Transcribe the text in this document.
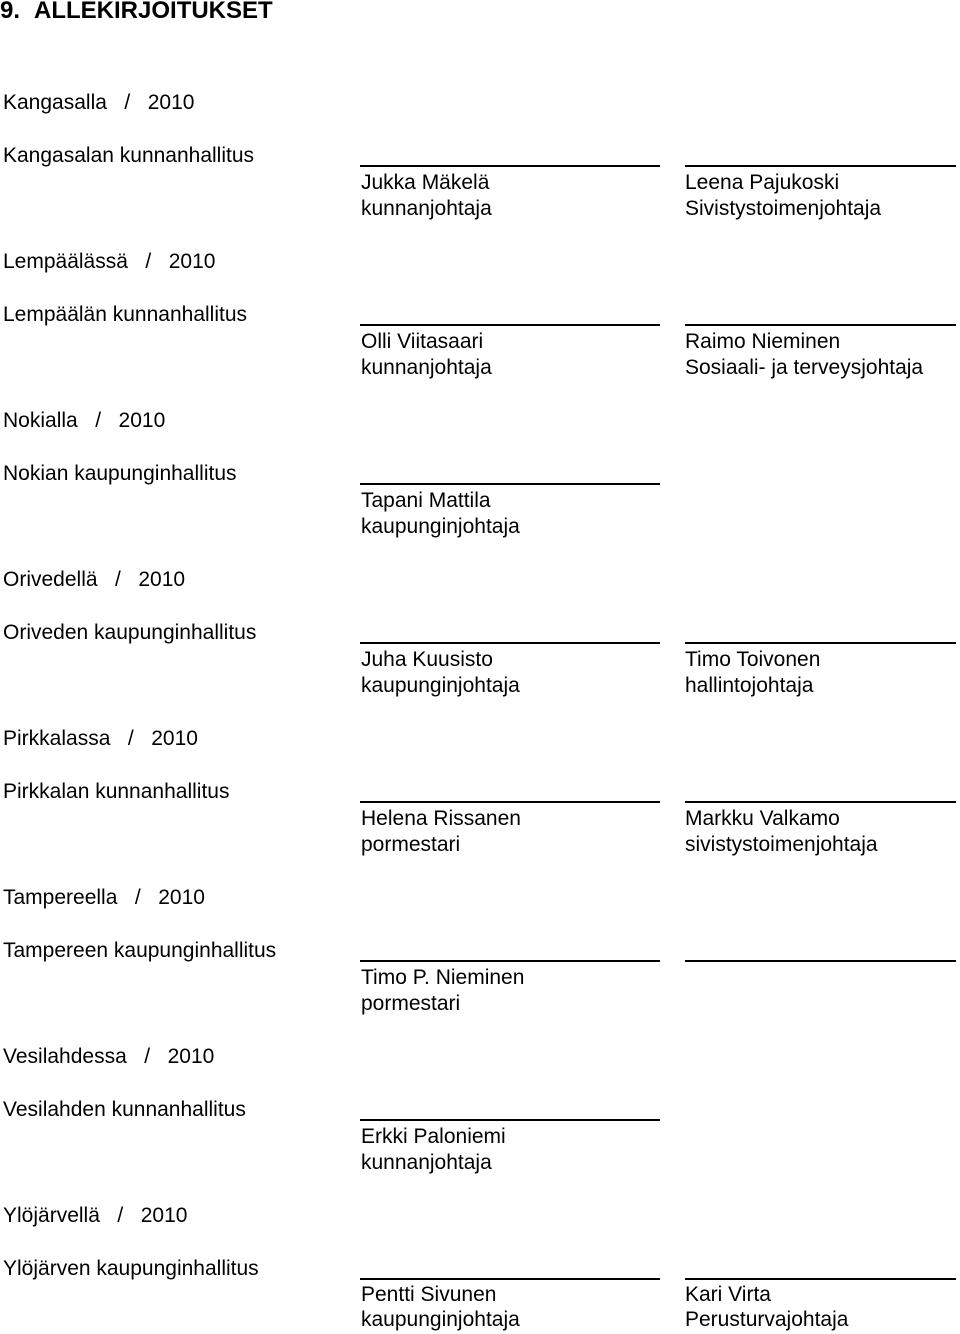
9. ALLEKIRJOITUKSET
Kangasalla   /   2010
Kangasalan kunnanhallitus
Jukka Mäkelä
kunnanjohtaja
Leena Pajukoski
Sivistystoimenjohtaja
Lempäälässä   /   2010
Lempäälän kunnanhallitus
Olli Viitasaari
kunnanjohtaja
Raimo Nieminen
Sosiaali- ja terveysjohtaja
Nokialla   /   2010
Nokian kaupunginhallitus
Tapani Mattila
kaupunginjohtaja
Orivedellä   /   2010
Oriveden kaupunginhallitus
Juha Kuusisto
kaupunginjohtaja
Timo Toivonen
hallintojohtaja
Pirkkalassa   /   2010
Pirkkalan kunnanhallitus
Helena Rissanen
pormestari
Markku Valkamo
sivistystoimenjohtaja
Tampereella   /   2010
Tampereen kaupunginhallitus
Timo P. Nieminen
pormestari
Vesilahdessa   /   2010
Vesilahden kunnanhallitus
Erkki Paloniemi
kunnanjohtaja
Ylöjärvellä   /   2010
Ylöjärven kaupunginhallitus
Pentti Sivunen
kaupunginjohtaja
Kari Virta
Perusturvajohtaja
